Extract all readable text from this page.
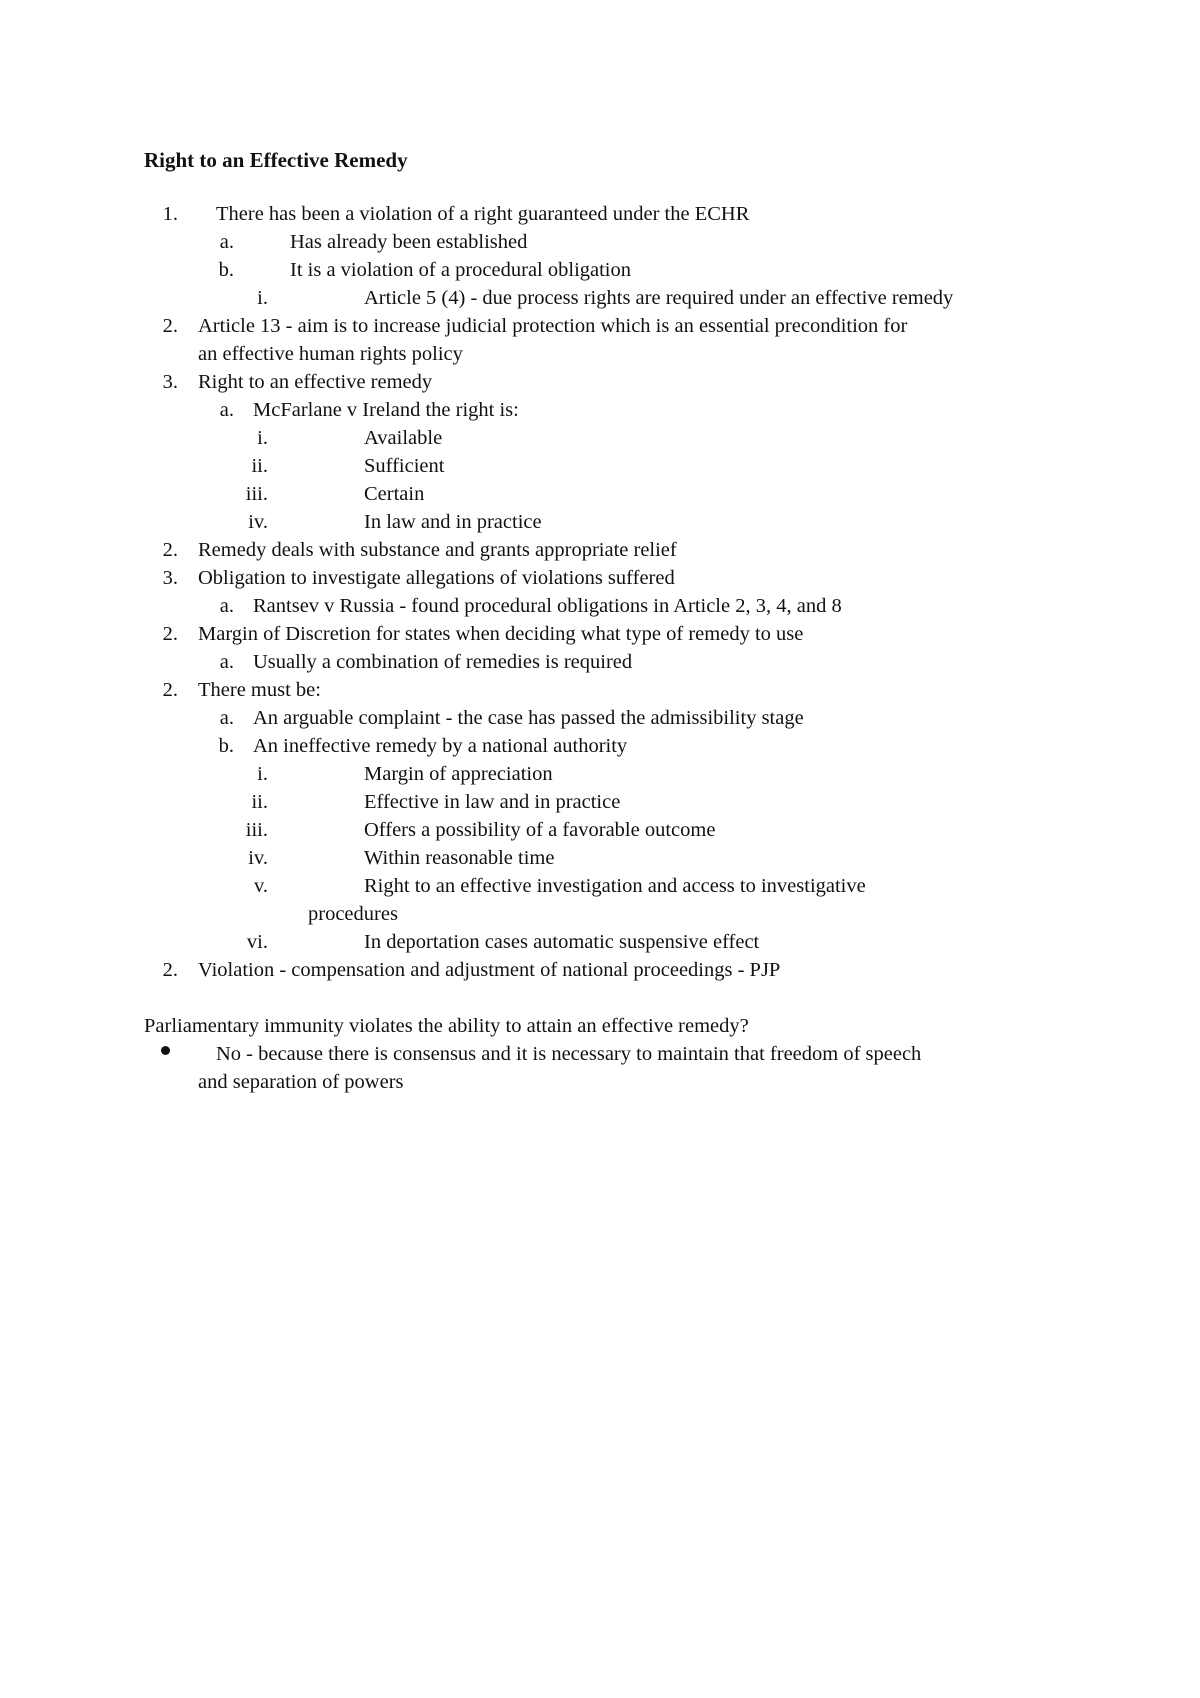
Right to an Effective Remedy
1. There has been a violation of a right guaranteed under the ECHR
a.	Has already been established
b.	It is a violation of a procedural obligation
i.	Article 5 (4) - due process rights are required under an effective remedy
2. Article 13 - aim is to increase judicial protection which is an essential precondition for
an effective human rights policy
3. Right to an effective remedy
a. McFarlane v Ireland the right is:
i.	Available
ii.	Sufficient
iii.	Certain
iv.	In law and in practice
2. Remedy deals with substance and grants appropriate relief
3. Obligation to investigate allegations of violations suffered
a. Rantsev v Russia - found procedural obligations in Article 2, 3, 4, and 8
2. Margin of Discretion for states when deciding what type of remedy to use
a. Usually a combination of remedies is required
2. There must be:
a. An arguable complaint - the case has passed the admissibility stage
b. An ineffective remedy by a national authority
i.	Margin of appreciation
ii.	Effective in law and in practice
iii.	Offers a possibility of a favorable outcome
iv.	Within reasonable time
v.	Right to an effective investigation and access to investigative
procedures
vi.	In deportation cases automatic suspensive effect
2. Violation - compensation and adjustment of national proceedings - PJP
Parliamentary immunity violates the ability to attain an effective remedy?
No - because there is consensus and it is necessary to maintain that freedom of speech
and separation of powers
